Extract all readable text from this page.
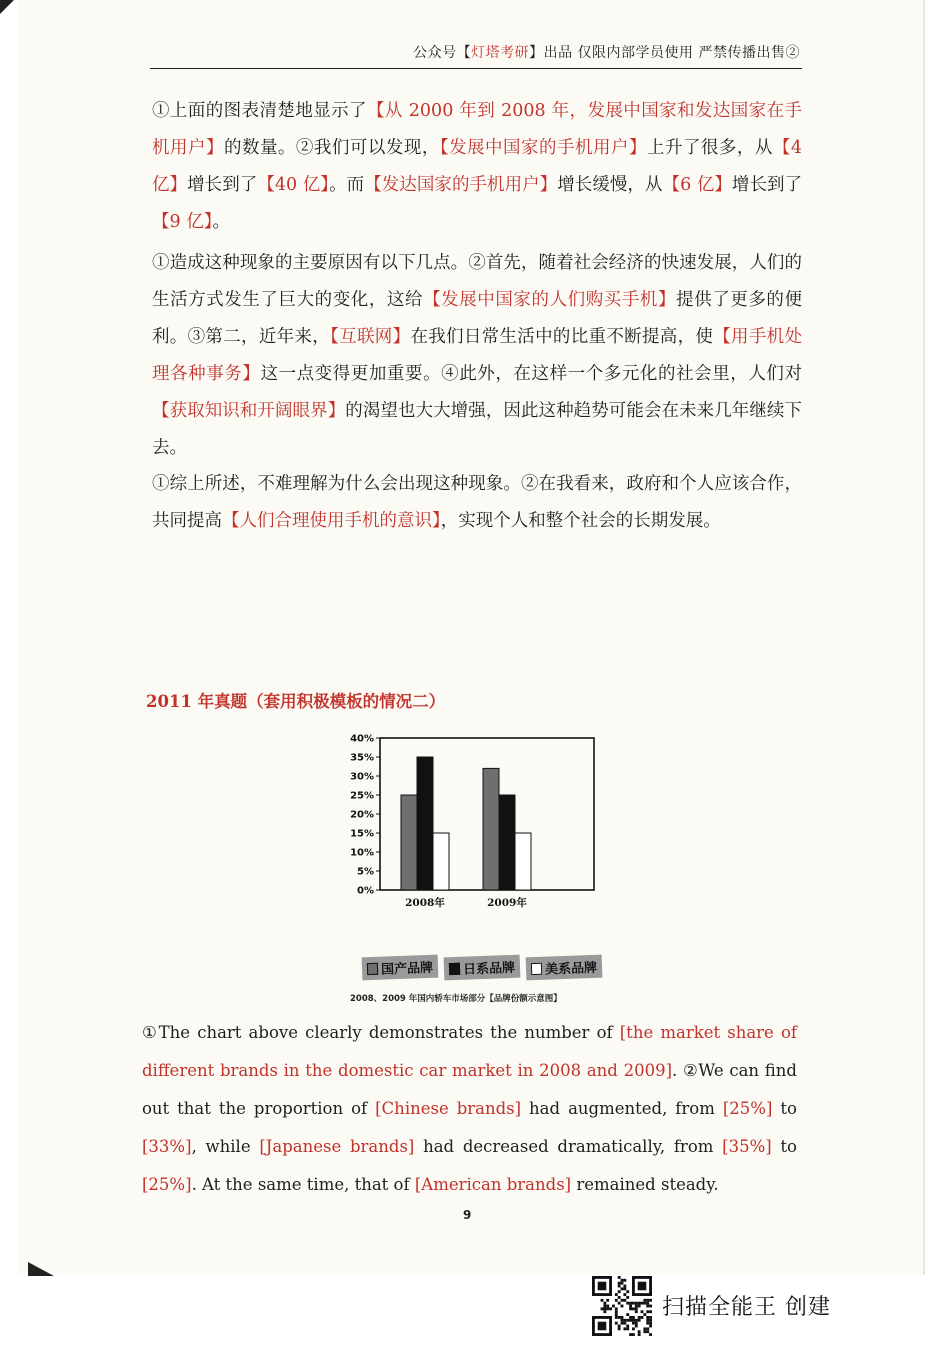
公众号【灯塔考研】出品 仅限内部学员使用 严禁传播出售②
①上面的图表清楚地显示了【从 2000 年到 2008 年，发展中国家和发达国家在手机用户】的数量。②我们可以发现，【发展中国家的手机用户】上升了很多，从【4 亿】增长到了【40 亿】。而【发达国家的手机用户】增长缓慢，从【6 亿】增长到了【9 亿】。
①造成这种现象的主要原因有以下几点。②首先，随着社会经济的快速发展，人们的生活方式发生了巨大的变化，这给【发展中国家的人们购买手机】提供了更多的便利。③第二，近年来，【互联网】在我们日常生活中的比重不断提高，使【用手机处理各种事务】这一点变得更加重要。④此外，在这样一个多元化的社会里，人们对【获取知识和开阔眼界】的渴望也大大增强，因此这种趋势可能会在未来几年继续下去。
①综上所述，不难理解为什么会出现这种现象。②在我看来，政府和个人应该合作，共同提高【人们合理使用手机的意识】，实现个人和整个社会的长期发展。
2011 年真题（套用积极模板的情况二）
0%
5%
10%
15%
20%
25%
30%
35%
40%
2008年	2009年
国产品牌 日系品牌 美系品牌
2008、2009 年国内轿车市场部分【品牌份额示意图】
①The chart above clearly demonstrates the number of [the market share of different brands in the domestic car market in 2008 and 2009]. ②We can find out that the proportion of [Chinese brands] had augmented, from [25%] to [33%], while [Japanese brands] had decreased dramatically, from [35%] to [25%]. At the same time, that of [American brands] remained steady.
9
扫描全能王 创建
